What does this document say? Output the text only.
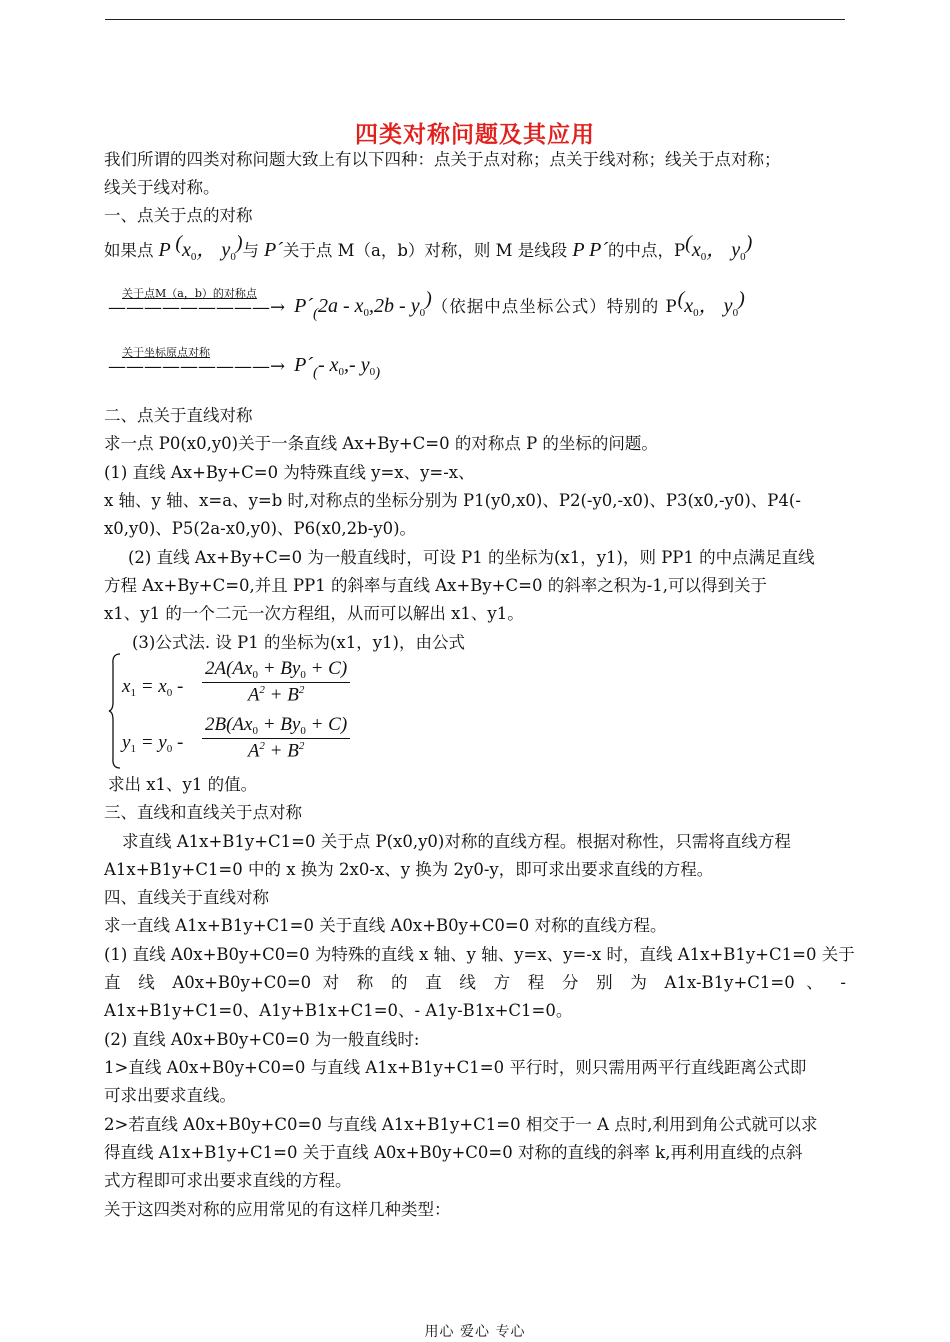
四类对称问题及其应用
我们所谓的四类对称问题大致上有以下四种：点关于点对称；点关于线对称；线关于点对称；
线关于线对称。
一、点关于点的对称
如果点 P ($x_0$， $y_0$)与 P´关于点 M（a，b）对称，则 M 是线段 P P´的中点，$P(x_0$， $y_0$)
关于点M（a，b）的对称点
—————————→ $P´_(2a - x_0,2b - y_0$)（依据中点坐标公式）特别的 $P(x_0$， $y_0$)
关于坐标原点对称
—————————→ $P´_(-$ $x_0,-$ $y_{0)}$
二、点关于直线对称
求一点 P0(x0,y0)关于一条直线 Ax+By+C=0 的对称点 P 的坐标的问题。
(1) 直线 Ax+By+C=0 为特殊直线 y=x、y=-x、
x 轴、y 轴、x=a、y=b 时,对称点的坐标分别为 P1(y0,x0)、P2(-y0,-x0)、P3(x0,-y0)、P4(-
x0,y0)、P5(2a-x0,y0)、P6(x0,2b-y0)。
(2) 直线 Ax+By+C=0 为一般直线时，可设 P1 的坐标为(x1，y1)，则 PP1 的中点满足直线
方程 Ax+By+C=0,并且 PP1 的斜率与直线 Ax+By+C=0 的斜率之积为-1,可以得到关于
x1、y1 的一个二元一次方程组，从而可以解出 x1、y1。
(3)公式法. 设 P1 的坐标为(x1，y1)，由公式
$x_1 = x_0 - \frac{2A(Ax_0 + By_0 + C)}{A^2 + B^2}$
$y_1 = y_0 - \frac{2B(Ax_0 + By_0 + C)}{A^2 + B^2}$
求出 x1、y1 的值。
三、直线和直线关于点对称
求直线 A1x+B1y+C1=0 关于点 P(x0,y0)对称的直线方程。根据对称性，只需将直线方程
A1x+B1y+C1=0 中的 x 换为 2x0-x、y 换为 2y0-y，即可求出要求直线的方程。
四、直线关于直线对称
求一直线 A1x+B1y+C1=0 关于直线 A0x+B0y+C0=0 对称的直线方程。
(1) 直线 A0x+B0y+C0=0 为特殊的直线 x 轴、y 轴、y=x、y=-x 时，直线 A1x+B1y+C1=0 关于
直 线 A0x+B0y+C0=0 对 称 的 直 线 方 程 分 别 为 A1x-B1y+C1=0 、 -
A1x+B1y+C1=0、A1y+B1x+C1=0、- A1y-B1x+C1=0。
(2) 直线 A0x+B0y+C0=0 为一般直线时:
1>直线 A0x+B0y+C0=0 与直线 A1x+B1y+C1=0 平行时，则只需用两平行直线距离公式即
可求出要求直线。
2>若直线 A0x+B0y+C0=0 与直线 A1x+B1y+C1=0 相交于一 A 点时,利用到角公式就可以求
得直线 A1x+B1y+C1=0 关于直线 A0x+B0y+C0=0 对称的直线的斜率 k,再利用直线的点斜
式方程即可求出要求直线的方程。
关于这四类对称的应用常见的有这样几种类型：
用心 爱心 专心
